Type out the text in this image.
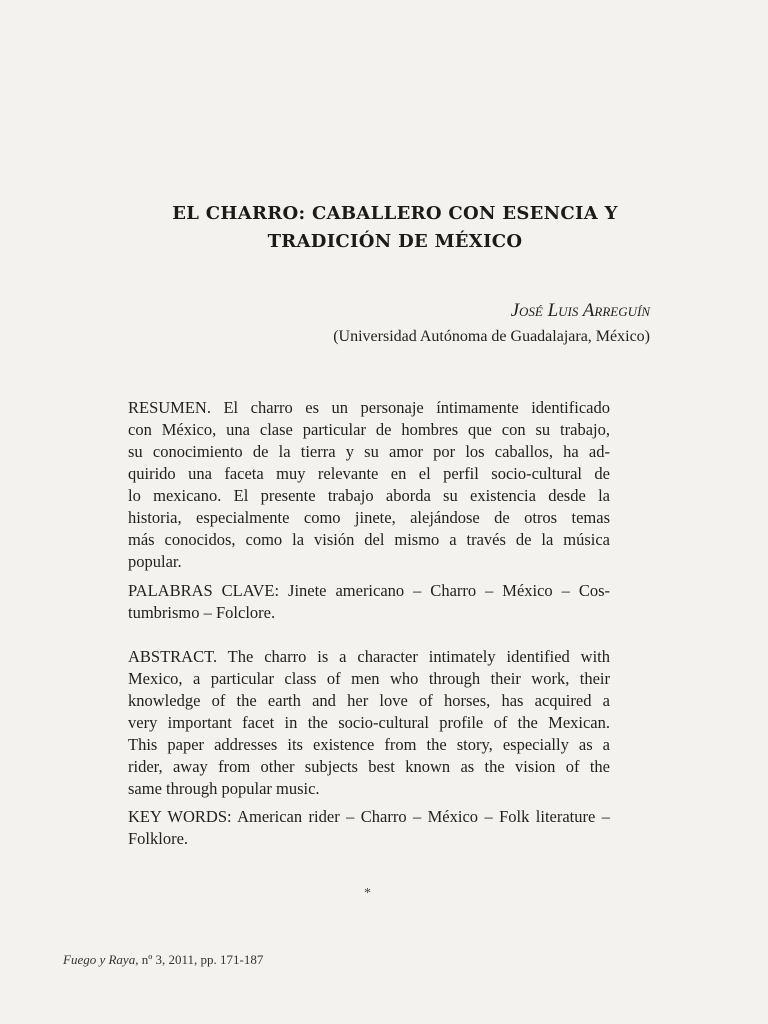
EL CHARRO: CABALLERO CON ESENCIA Y
TRADICIÓN DE MÉXICO
José Luis Arreguín
(Universidad Autónoma de Guadalajara, México)
RESUMEN. El charro es un personaje íntimamente identificado
con México, una clase particular de hombres que con su trabajo,
su conocimiento de la tierra y su amor por los caballos, ha ad-
quirido una faceta muy relevante en el perfil socio-cultural de
lo mexicano. El presente trabajo aborda su existencia desde la
historia, especialmente como jinete, alejándose de otros temas
más conocidos, como la visión del mismo a través de la música
popular.
PALABRAS CLAVE: Jinete americano – Charro – México – Cos-
tumbrismo – Folclore.
ABSTRACT. The charro is a character intimately identified with
Mexico, a particular class of men who through their work, their
knowledge of the earth and her love of horses, has acquired a
very important facet in the socio-cultural profile of the Mexican.
This paper addresses its existence from the story, especially as a
rider, away from other subjects best known as the vision of the
same through popular music.
KEY WORDS: American rider – Charro – México – Folk literature –
Folklore.
*
Fuego y Raya, nº 3, 2011, pp. 171-187
